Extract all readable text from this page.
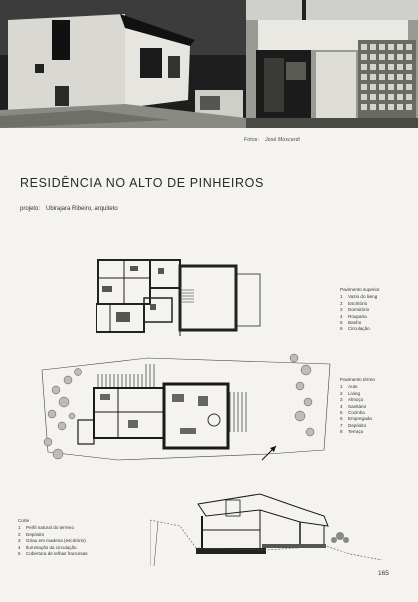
Fotos: José Moscardi
RESIDÊNCIA NO ALTO DE PINHEIROS
projeto: Ubirajara Ribeiro, arquiteto
Pavimento superior
1 Vazio do living
2 Escritório
3 Dormitório
4 Rouparia
5 Banho
6 Circulação
Pavimento térreo
1 Auto
2 Living
3 Almoço
4 Sanitário
5 Cozinha
6 Empregada
7 Depósito
8 Terraço
Corte
1 Perfil natural do terreno
2 Depósito
3 Girau em madeira (escritório)
4 Iluminação da circulação
5 Cobertura de telhas francesas
165
